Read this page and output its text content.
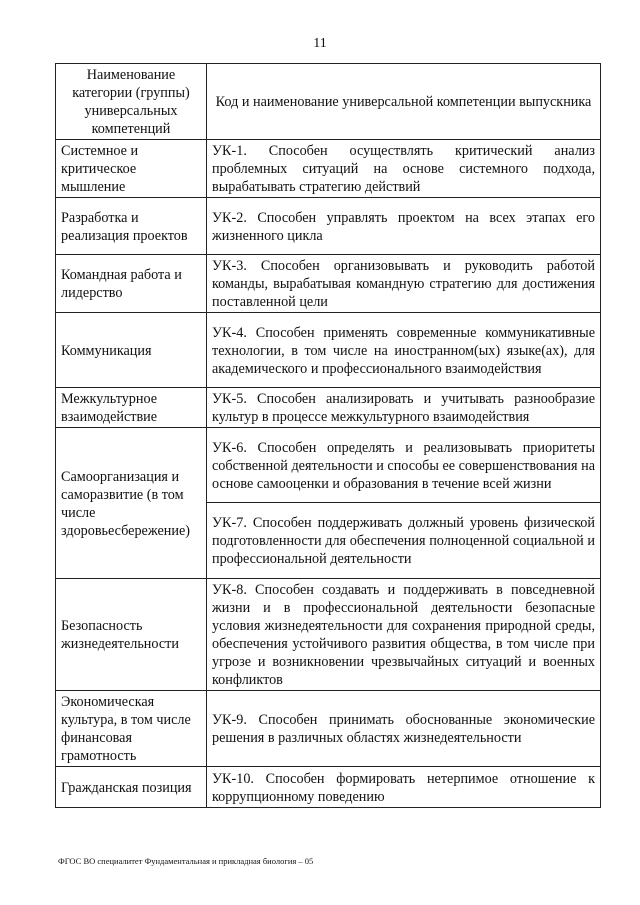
11
Наименование категории (группы) универсальных компетенций	Код и наименование универсальной компетенции выпускника
Системное и критическое мышление	УК-1. Способен осуществлять критический анализ проблемных ситуаций на основе системного подхода, вырабатывать стратегию действий
Разработка и реализация проектов	УК-2. Способен управлять проектом на всех этапах его жизненного цикла
Командная работа и лидерство	УК-3. Способен организовывать и руководить работой команды, вырабатывая командную стратегию для достижения поставленной цели
Коммуникация	УК-4. Способен применять современные коммуникативные технологии, в том числе на иностранном(ых) языке(ах), для академического и профессионального взаимодействия
Межкультурное взаимодействие	УК-5. Способен анализировать и учитывать разнообразие культур в процессе межкультурного взаимодействия
Самоорганизация и саморазвитие (в том числе здоровьесбережение)	УК-6. Способен определять и реализовывать приоритеты собственной деятельности и способы ее совершенствования на основе самооценки и образования в течение всей жизни
	УК-7. Способен поддерживать должный уровень физической подготовленности для обеспечения полноценной социальной и профессиональной деятельности
Безопасность жизнедеятельности	УК-8. Способен создавать и поддерживать в повседневной жизни и в профессиональной деятельности безопасные условия жизнедеятельности для сохранения природной среды, обеспечения устойчивого развития общества, в том числе при угрозе и возникновении чрезвычайных ситуаций и военных конфликтов
Экономическая культура, в том числе финансовая грамотность	УК-9. Способен принимать обоснованные экономические решения в различных областях жизнедеятельности
Гражданская позиция	УК-10. Способен формировать нетерпимое отношение к коррупционному поведению
ФГОС ВО специалитет Фундаментальная и прикладная биология – 05
